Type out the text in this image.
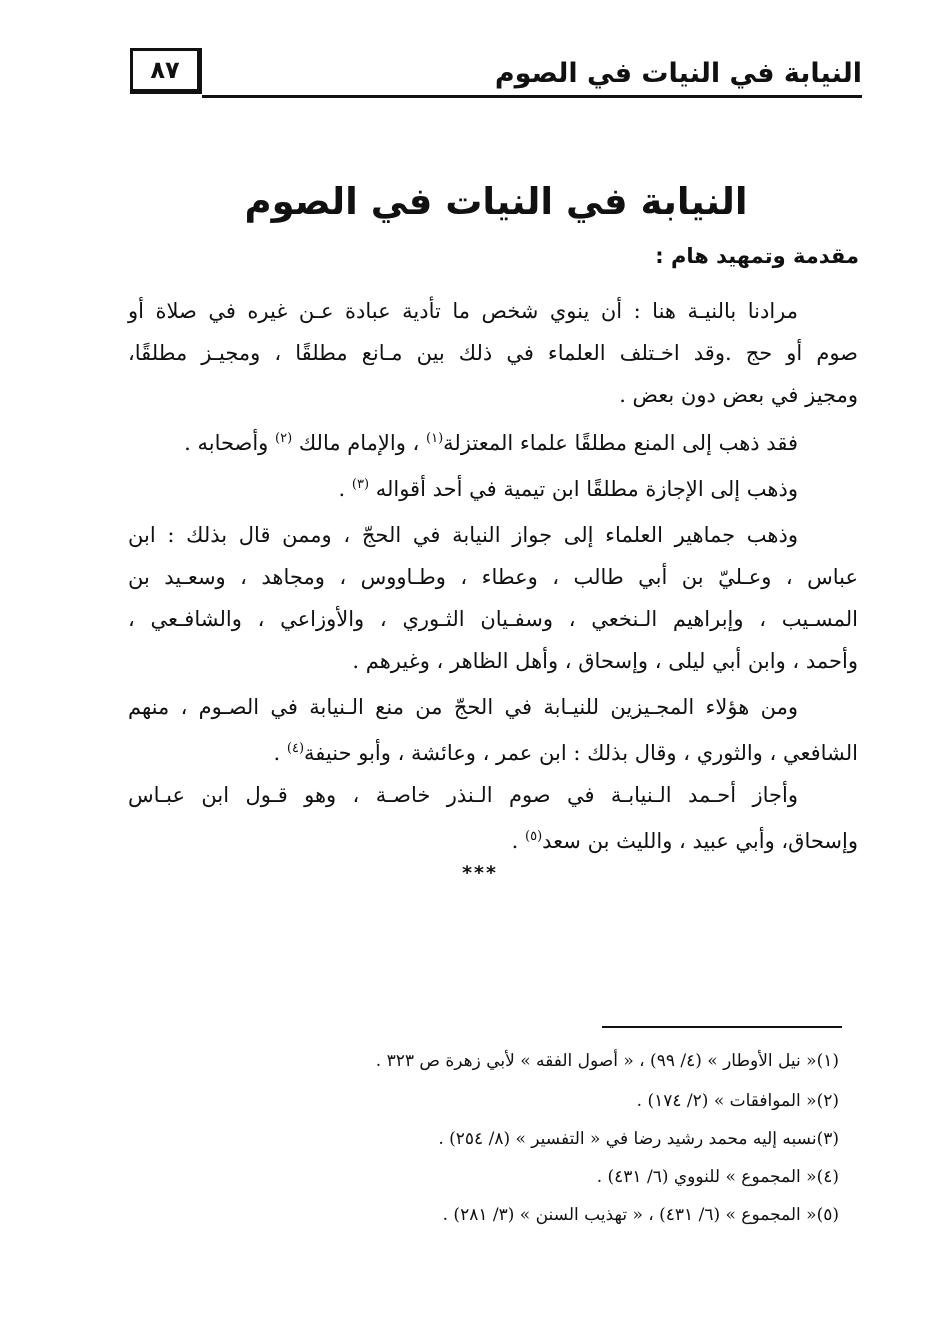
٨٧	النيابة في النيات في الصوم
النيابة في النيات في الصوم
مقدمة وتمهيد هام :
مرادنا بالنيـة هنا : أن ينوي شخص ما تأدية عبادة عـن غيره في صلاة أو
صوم أو حج .وقد اخـتلف العلماء في ذلك بين مـانع مطلقًا ، ومجيـز مطلقًا،
ومجيز في بعض دون بعض .
فقد ذهب إلى المنع مطلقًا علماء المعتزلة$^{(١)}$ ، والإمام مالك $^{(٢)}$ وأصحابه .
وذهب إلى الإجازة مطلقًا ابن تيمية في أحد أقواله $^{(٣)}$ .
وذهب جماهير العلماء إلى جواز النيابة في الحجّ ، وممن قال بذلك : ابن
عباس ، وعـليّ بن أبي طالب ، وعطاء ، وطـاووس ، ومجاهد ، وسعـيد بن
المسـيب ، وإبراهيم الـنخعي ، وسفـيان الثـوري ، والأوزاعي ، والشافـعي ،
وأحمد ، وابن أبي ليلى ، وإسحاق ، وأهل الظاهر ، وغيرهم .
ومن هؤلاء المجـيزين للنيـابة في الحجّ من منع الـنيابة في الصـوم ، منهم
الشافعي ، والثوري ، وقال بذلك : ابن عمر ، وعائشة ، وأبو حنيفة$^{(٤)}$ .
وأجاز أحـمد الـنيابـة في صوم الـنذر خاصـة ، وهو قـول ابن عبـاس
وإسحاق، وأبي عبيد ، والليث بن سعد$^{(٥)}$ .
***
(١)« نيل الأوطار » (٤/ ٩٩) ، « أصول الفقه » لأبي زهرة ص ٣٢٣ .
(٢)« الموافقات » (٢/ ١٧٤) .
(٣)نسبه إليه محمد رشيد رضا في « التفسير » (٨/ ٢٥٤) .
(٤)« المجموع » للنووي (٦/ ٤٣١) .
(٥)« المجموع » (٦/ ٤٣١) ، « تهذيب السنن » (٣/ ٢٨١) .
